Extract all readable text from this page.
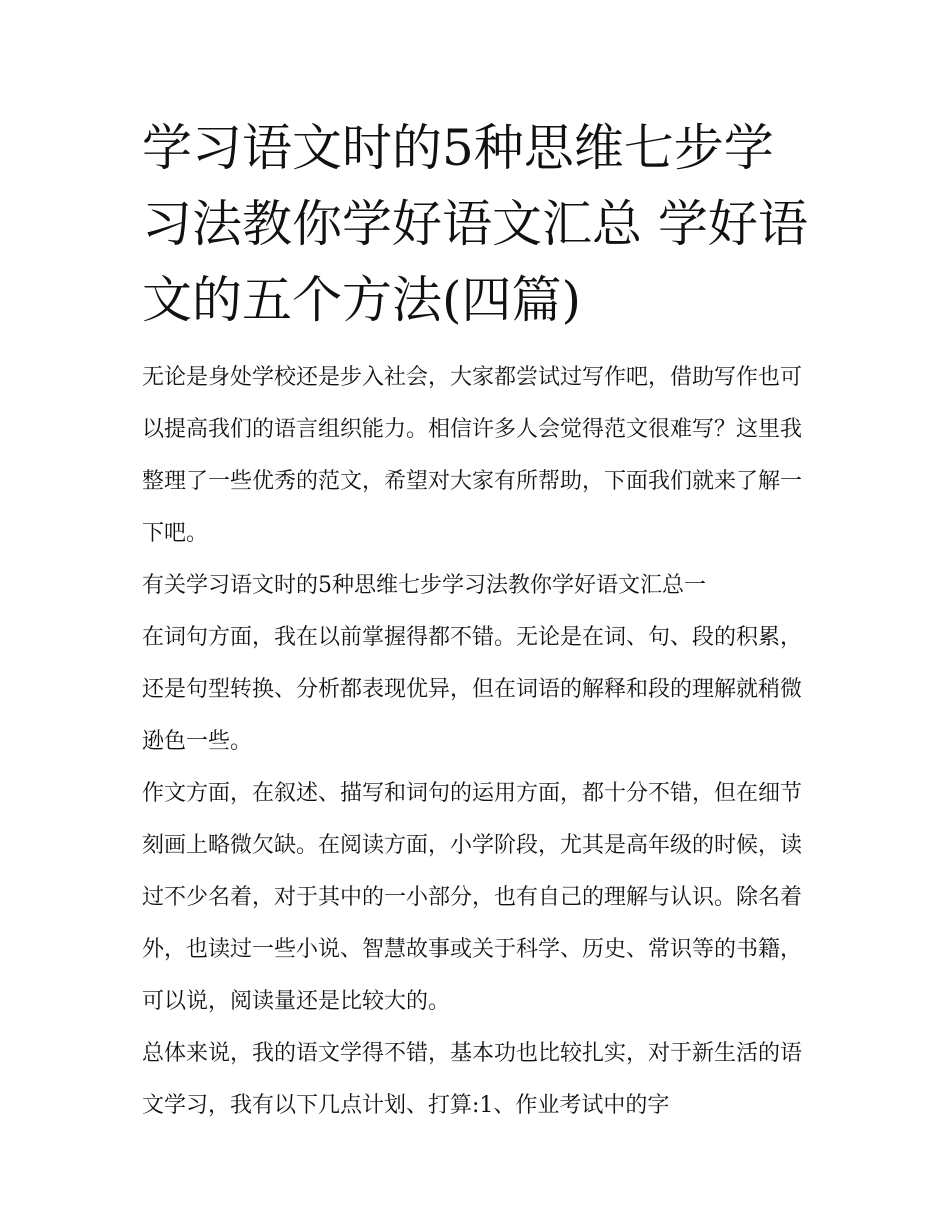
学习语文时的5种思维七步学习法教你学好语文汇总 学好语文的五个方法(四篇)

无论是身处学校还是步入社会，大家都尝试过写作吧，借助写作也可以提高我们的语言组织能力。相信许多人会觉得范文很难写？这里我整理了一些优秀的范文，希望对大家有所帮助，下面我们就来了解一下吧。

有关学习语文时的5种思维七步学习法教你学好语文汇总一

在词句方面，我在以前掌握得都不错。无论是在词、句、段的积累，还是句型转换、分析都表现优异，但在词语的解释和段的理解就稍微逊色一些。

作文方面，在叙述、描写和词句的运用方面，都十分不错，但在细节刻画上略微欠缺。在阅读方面，小学阶段，尤其是高年级的时候，读过不少名着，对于其中的一小部分，也有自己的理解与认识。除名着外，也读过一些小说、智慧故事或关于科学、历史、常识等的书籍，可以说，阅读量还是比较大的。

总体来说，我的语文学得不错，基本功也比较扎实，对于新生活的语文学习，我有以下几点计划、打算:1、作业考试中的字
